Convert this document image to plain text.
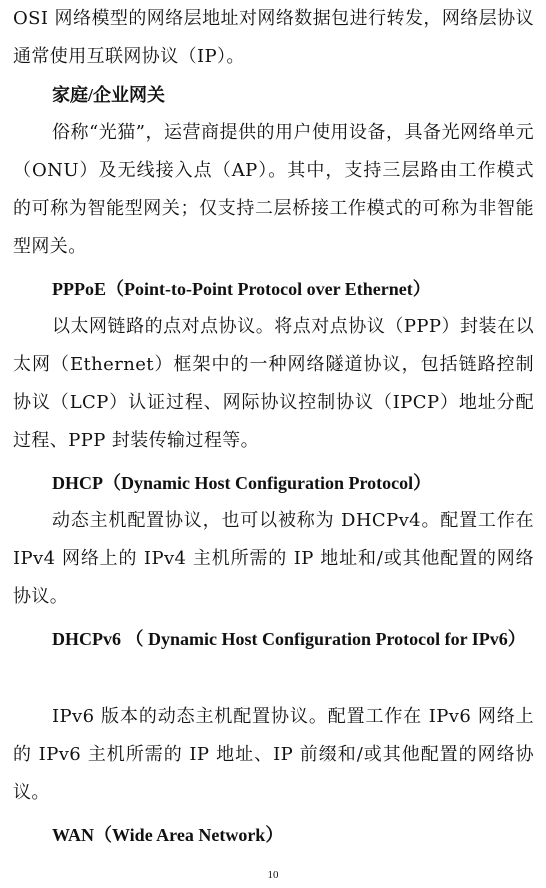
OSI 网络模型的网络层地址对网络数据包进行转发，网络层协议通常使用互联网协议（IP）。

家庭/企业网关

俗称“光猫”，运营商提供的用户使用设备，具备光网络单元（ONU）及无线接入点（AP）。其中，支持三层路由工作模式的可称为智能型网关；仅支持二层桥接工作模式的可称为非智能型网关。

PPPoE（Point-to-Point Protocol over Ethernet）

以太网链路的点对点协议。将点对点协议（PPP）封装在以太网（Ethernet）框架中的一种网络隧道协议，包括链路控制协议（LCP）认证过程、网际协议控制协议（IPCP）地址分配过程、PPP 封装传输过程等。

DHCP（Dynamic Host Configuration Protocol）

动态主机配置协议，也可以被称为 DHCPv4。配置工作在 IPv4 网络上的 IPv4 主机所需的 IP 地址和/或其他配置的网络协议。

DHCPv6 （ Dynamic Host Configuration Protocol for IPv6）

IPv6 版本的动态主机配置协议。配置工作在 IPv6 网络上的 IPv6 主机所需的 IP 地址、IP 前缀和/或其他配置的网络协议。

WAN（Wide Area Network）

10
